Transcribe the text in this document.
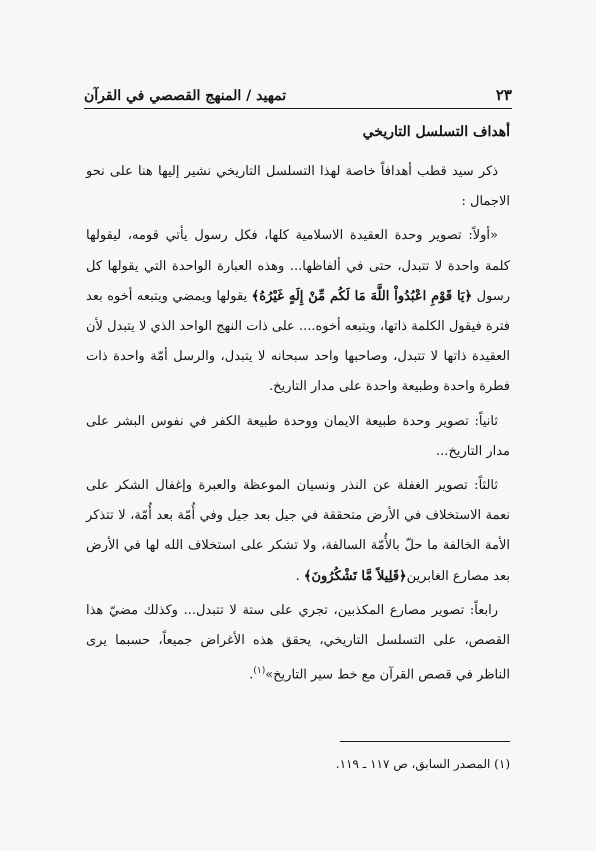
تمهيد / المنهج القصصي في القرآن	٢٣
أهداف التسلسل التاريخي

ذكر سيد قطب أهدافاً خاصة لهذا التسلسل التاريخي نشير إليها هنا على نحو الاجمال :

«أولاً: تصوير وحدة العقيدة الاسلامية كلها، فكل رسول يأتي قومه، ليقولها كلمة واحدة لا تتبدل، حتى في ألفاظها... وهذه العبارة الواحدة التي يقولها كل رسول ﴿يَا قَوْمِ اعْبُدُواْ اللَّهَ مَا لَكُم مِّنْ إِلَهٍ غَيْرُهُ﴾ يقولها ويمضي ويتبعه أخوه بعد فترة فيقول الكلمة ذاتها، ويتبعه أخوه.... على ذات النهج الواحد الذي لا يتبدل لأن العقيدة ذاتها لا تتبدل، وصاحبها واحد سبحانه لا يتبدل، والرسل أمّة واحدة ذات فطرة واحدة وطبيعة واحدة على مدار التاريخ.

ثانياً: تصوير وحدة طبيعة الايمان ووحدة طبيعة الكفر في نفوس البشر على مدار التاريخ...

ثالثاً: تصوير الغفلة عن النذر ونسيان الموعظة والعبرة وإغفال الشكر على نعمة الاستخلاف في الأرض متحققة في جيل بعد جيل وفي أُمّة بعد أُمّة، لا تتذكر الأمة الخالفة ما حلّ بالأُمّة السالفة، ولا تشكر على استخلاف الله لها في الأرض بعد مصارع الغابرين﴿قَلِيلاً مَّا تَشْكُرُونَ﴾ .

رابعاً: تصوير مصارع المكذبين، تجري على ستة لا تتبدل... وكذلك مضيّ هذا القصص، على التسلسل التاريخي، يحقق هذه الأغراض جميعاً، حسبما يرى الناظر في قصص القرآن مع خط سير التاريخ»$^{(١)}$.

(١) المصدر السابق، ص ١١٧ ـ ١١٩.
